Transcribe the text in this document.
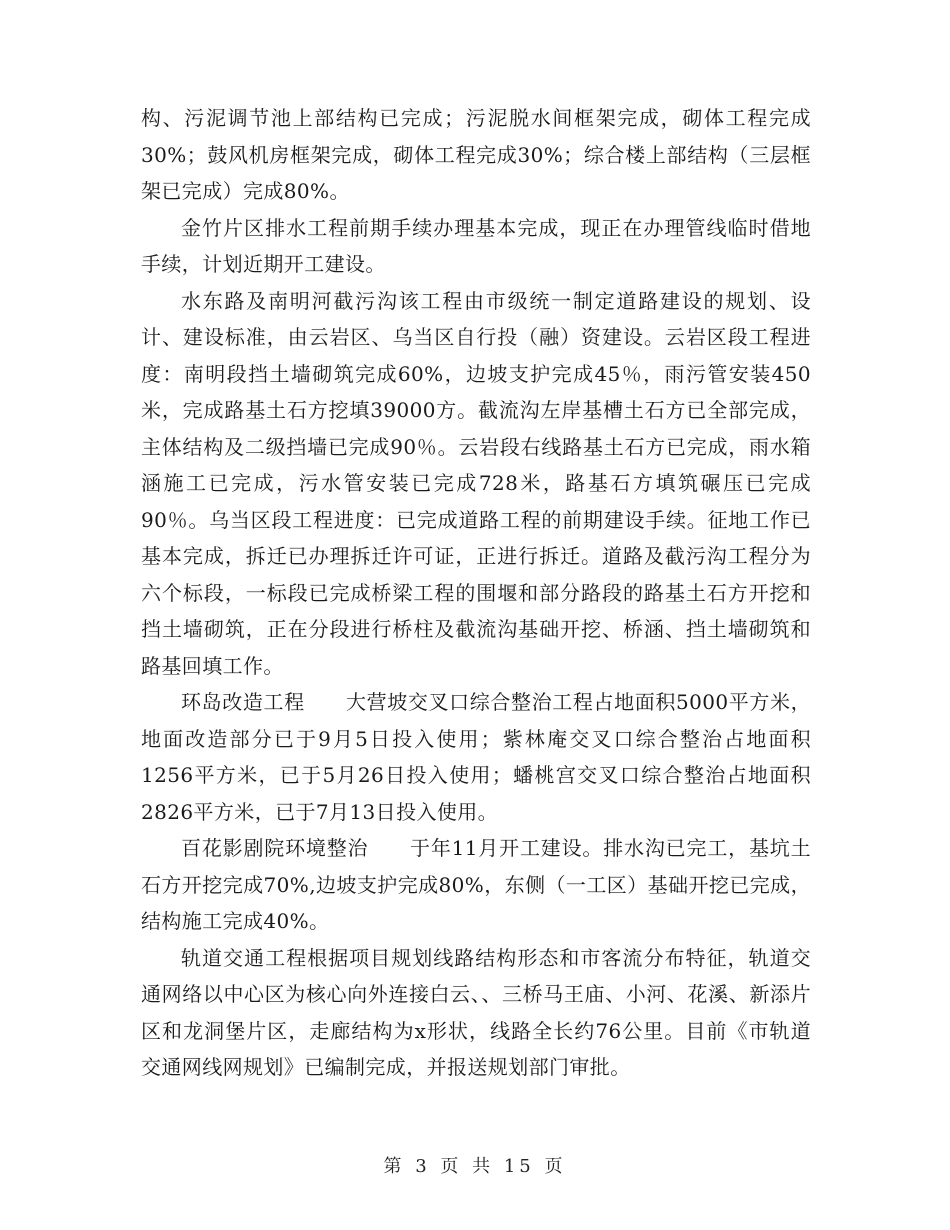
构、污泥调节池上部结构已完成；污泥脱水间框架完成，砌体工程完成30%；鼓风机房框架完成，砌体工程完成30%；综合楼上部结构（三层框架已完成）完成80%。

金竹片区排水工程前期手续办理基本完成，现正在办理管线临时借地手续，计划近期开工建设。

水东路及南明河截污沟该工程由市级统一制定道路建设的规划、设计、建设标准，由云岩区、乌当区自行投（融）资建设。云岩区段工程进度：南明段挡土墙砌筑完成60%，边坡支护完成45％，雨污管安装450米，完成路基土石方挖填39000方。截流沟左岸基槽土石方已全部完成，主体结构及二级挡墙已完成90％。云岩段右线路基土石方已完成，雨水箱涵施工已完成，污水管安装已完成728米，路基石方填筑碾压已完成90％。乌当区段工程进度：已完成道路工程的前期建设手续。征地工作已基本完成，拆迁已办理拆迁许可证，正进行拆迁。道路及截污沟工程分为六个标段，一标段已完成桥梁工程的围堰和部分路段的路基土石方开挖和挡土墙砌筑，正在分段进行桥柱及截流沟基础开挖、桥涵、挡土墙砌筑和路基回填工作。

环岛改造工程　　大营坡交叉口综合整治工程占地面积5000平方米，地面改造部分已于9月5日投入使用；紫林庵交叉口综合整治占地面积1256平方米，已于5月26日投入使用；蟠桃宫交叉口综合整治占地面积2826平方米，已于7月13日投入使用。

百花影剧院环境整治　　于年11月开工建设。排水沟已完工，基坑土石方开挖完成70%,边坡支护完成80%，东侧（一工区）基础开挖已完成，结构施工完成40%。

轨道交通工程根据项目规划线路结构形态和市客流分布特征，轨道交通网络以中心区为核心向外连接白云、、三桥马王庙、小河、花溪、新添片区和龙洞堡片区，走廊结构为x形状，线路全长约76公里。目前《市轨道交通网线网规划》已编制完成，并报送规划部门审批。

第 3 页 共 15 页
